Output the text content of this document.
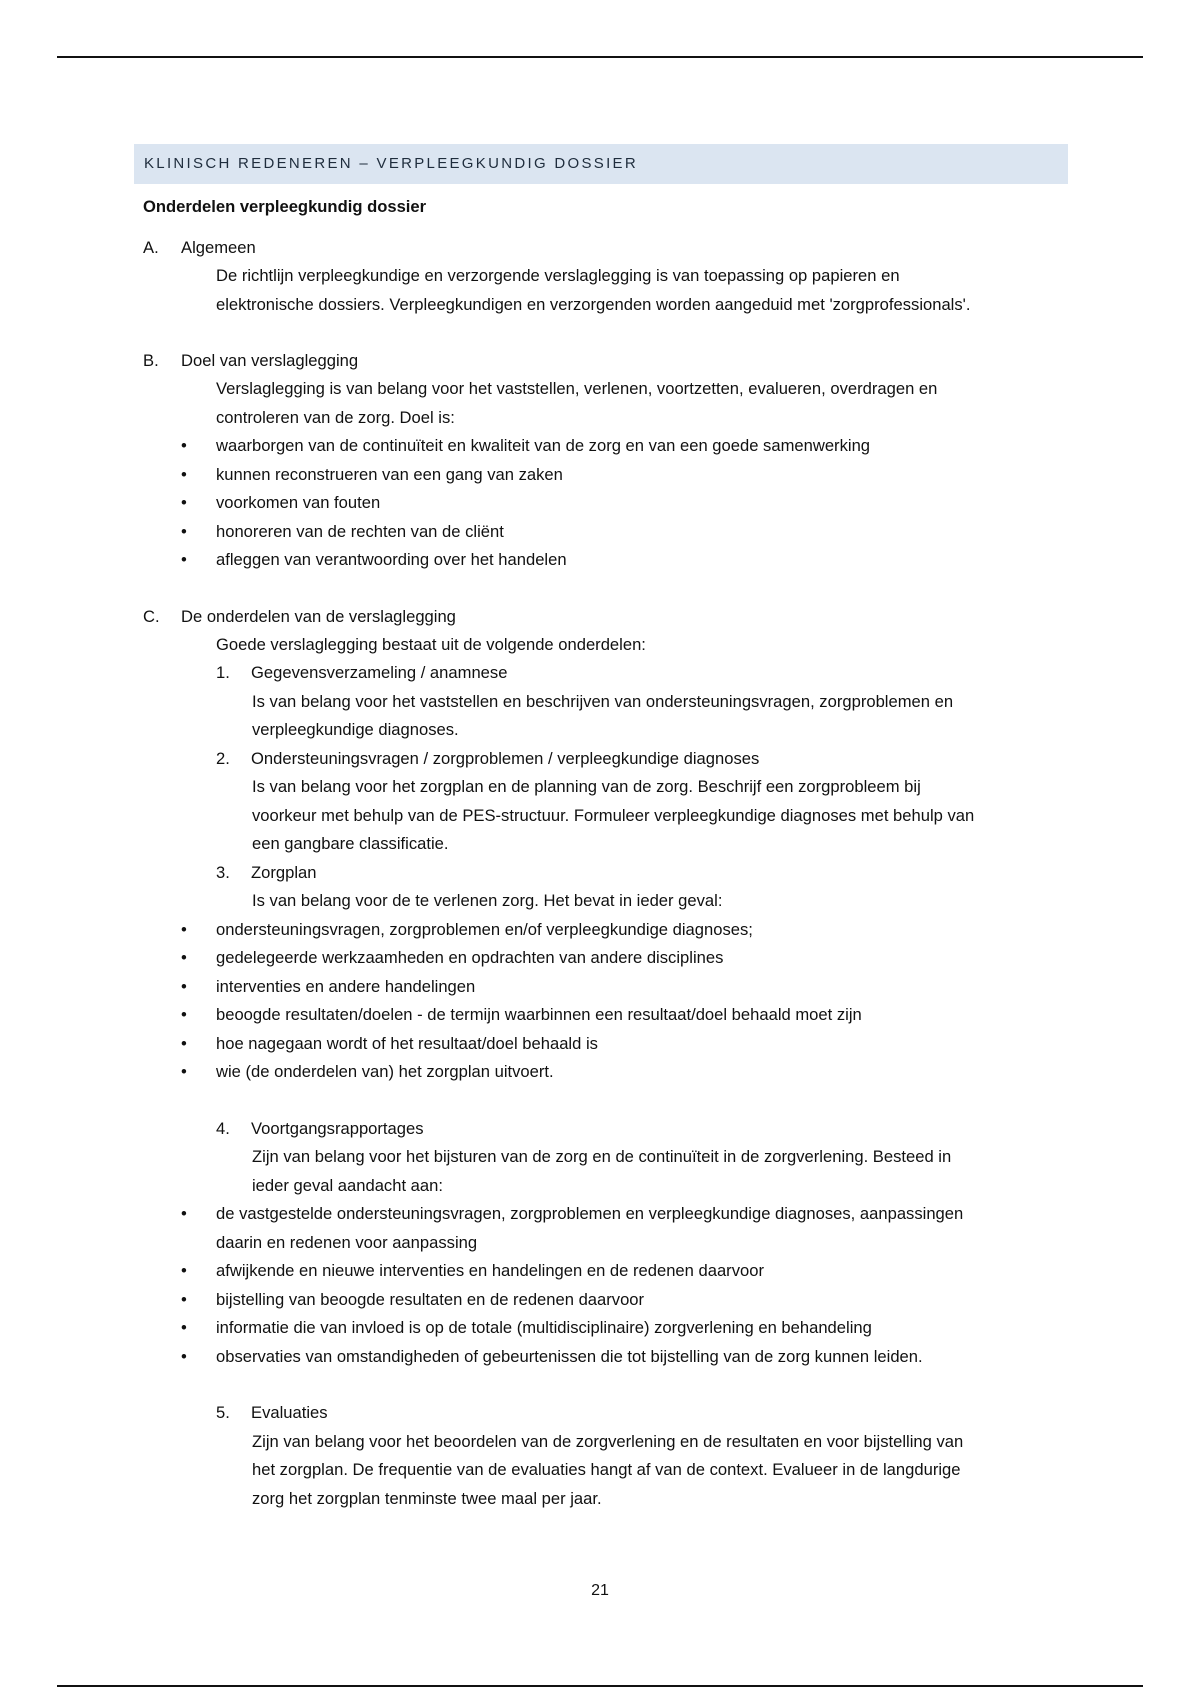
KLINISCH REDENEREN – VERPLEEGKUNDIG DOSSIER
Onderdelen verpleegkundig dossier
A. Algemeen
De richtlijn verpleegkundige en verzorgende verslaglegging is van toepassing op papieren en
elektronische dossiers. Verpleegkundigen en verzorgenden worden aangeduid met 'zorgprofessionals'.
B. Doel van verslaglegging
Verslaglegging is van belang voor het vaststellen, verlenen, voortzetten, evalueren, overdragen en
controleren van de zorg. Doel is:
• waarborgen van de continuïteit en kwaliteit van de zorg en van een goede samenwerking
• kunnen reconstrueren van een gang van zaken
• voorkomen van fouten
• honoreren van de rechten van de cliënt
• afleggen van verantwoording over het handelen
C. De onderdelen van de verslaglegging
Goede verslaglegging bestaat uit de volgende onderdelen:
1. Gegevensverzameling / anamnese
Is van belang voor het vaststellen en beschrijven van ondersteuningsvragen, zorgproblemen en
verpleegkundige diagnoses.
2. Ondersteuningsvragen / zorgproblemen / verpleegkundige diagnoses
Is van belang voor het zorgplan en de planning van de zorg. Beschrijf een zorgprobleem bij
voorkeur met behulp van de PES-structuur. Formuleer verpleegkundige diagnoses met behulp van
een gangbare classificatie.
3. Zorgplan
Is van belang voor de te verlenen zorg. Het bevat in ieder geval:
• ondersteuningsvragen, zorgproblemen en/of verpleegkundige diagnoses;
• gedelegeerde werkzaamheden en opdrachten van andere disciplines
• interventies en andere handelingen
• beoogde resultaten/doelen - de termijn waarbinnen een resultaat/doel behaald moet zijn
• hoe nagegaan wordt of het resultaat/doel behaald is
• wie (de onderdelen van) het zorgplan uitvoert.
4. Voortgangsrapportages
Zijn van belang voor het bijsturen van de zorg en de continuïteit in de zorgverlening. Besteed in
ieder geval aandacht aan:
• de vastgestelde ondersteuningsvragen, zorgproblemen en verpleegkundige diagnoses, aanpassingen
daarin en redenen voor aanpassing
• afwijkende en nieuwe interventies en handelingen en de redenen daarvoor
• bijstelling van beoogde resultaten en de redenen daarvoor
• informatie die van invloed is op de totale (multidisciplinaire) zorgverlening en behandeling
• observaties van omstandigheden of gebeurtenissen die tot bijstelling van de zorg kunnen leiden.
5. Evaluaties
Zijn van belang voor het beoordelen van de zorgverlening en de resultaten en voor bijstelling van
het zorgplan. De frequentie van de evaluaties hangt af van de context. Evalueer in de langdurige
zorg het zorgplan tenminste twee maal per jaar.
21
